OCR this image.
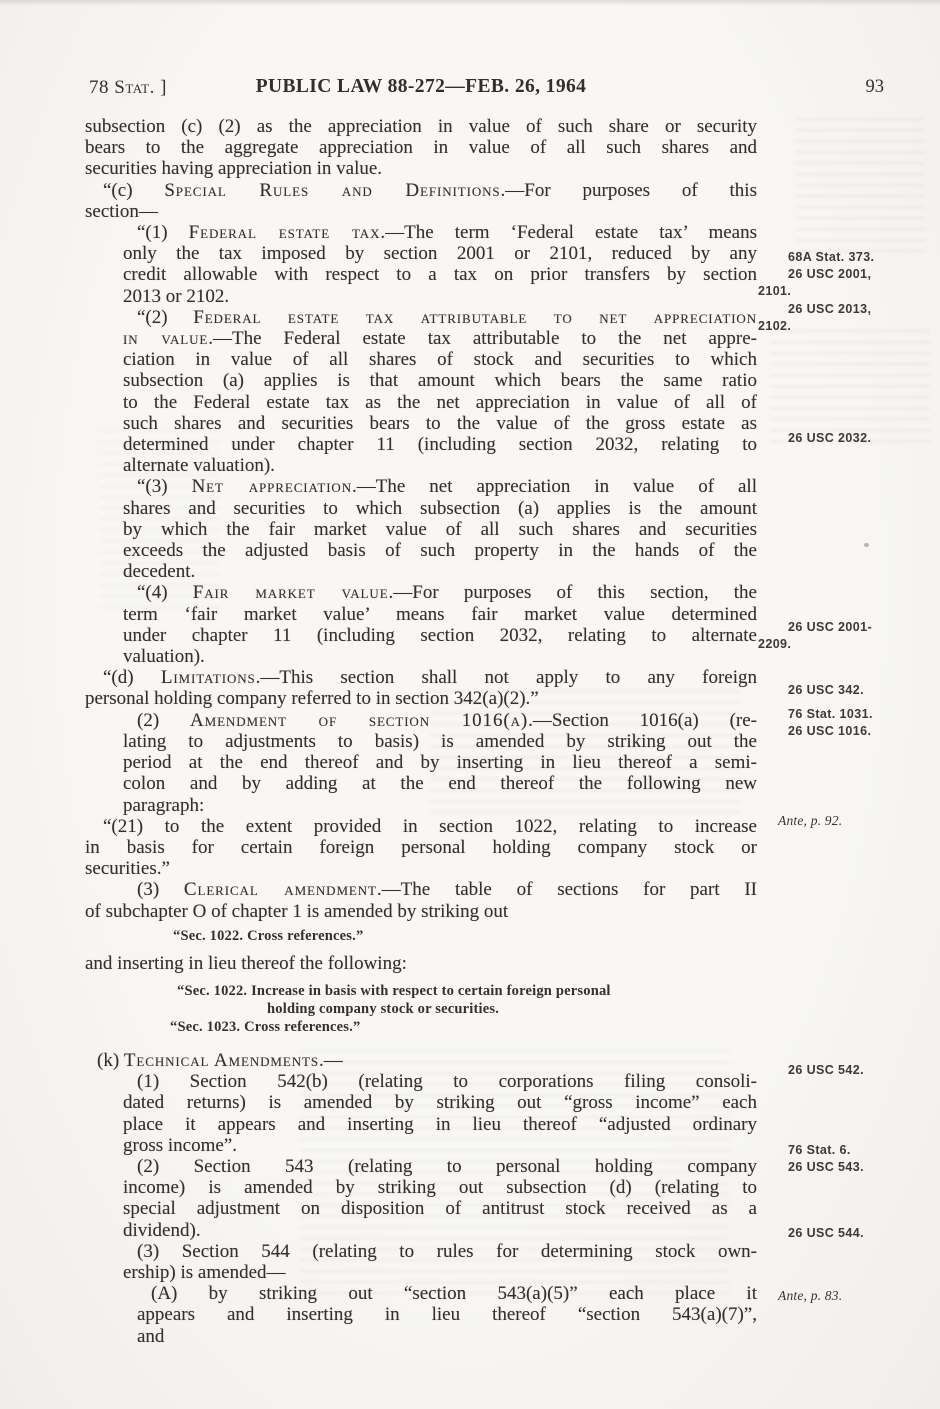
78 Stat. ]	PUBLIC LAW 88-272—FEB. 26, 1964	93
subsection (c) (2) as the appreciation in value of such share or security
bears to the aggregate appreciation in value of all such shares and
securities having appreciation in value.
“(c) Special Rules and Definitions.—For purposes of this
section—
“(1) Federal estate tax.—The term ‘Federal estate tax’ means
only the tax imposed by section 2001 or 2101, reduced by any
credit allowable with respect to a tax on prior transfers by section
2013 or 2102.
“(2) Federal estate tax attributable to net appreciation
in value.—The Federal estate tax attributable to the net appre-
ciation in value of all shares of stock and securities to which
subsection (a) applies is that amount which bears the same ratio
to the Federal estate tax as the net appreciation in value of all of
such shares and securities bears to the value of the gross estate as
determined under chapter 11 (including section 2032, relating to
alternate valuation).
“(3) Net appreciation.—The net appreciation in value of all
shares and securities to which subsection (a) applies is the amount
by which the fair market value of all such shares and securities
exceeds the adjusted basis of such property in the hands of the
decedent.
“(4) Fair market value.—For purposes of this section, the
term ‘fair market value’ means fair market value determined
under chapter 11 (including section 2032, relating to alternate
valuation).
“(d) Limitations.—This section shall not apply to any foreign
personal holding company referred to in section 342(a)(2).”
(2) Amendment of section 1016(a).—Section 1016(a) (re-
lating to adjustments to basis) is amended by striking out the
period at the end thereof and by inserting in lieu thereof a semi-
colon and by adding at the end thereof the following new
paragraph:
“(21) to the extent provided in section 1022, relating to increase
in basis for certain foreign personal holding company stock or
securities.”
(3) Clerical amendment.—The table of sections for part II
of subchapter O of chapter 1 is amended by striking out
“Sec. 1022. Cross references.”
and inserting in lieu thereof the following:
“Sec. 1022. Increase in basis with respect to certain foreign personal
holding company stock or securities.
“Sec. 1023. Cross references.”
(k) Technical Amendments.—
(1) Section 542(b) (relating to corporations filing consoli-
dated returns) is amended by striking out “gross income” each
place it appears and inserting in lieu thereof “adjusted ordinary
gross income”.
(2) Section 543 (relating to personal holding company
income) is amended by striking out subsection (d) (relating to
special adjustment on disposition of antitrust stock received as a
dividend).
(3) Section 544 (relating to rules for determining stock own-
ership) is amended—
(A) by striking out “section 543(a)(5)” each place it
appears and inserting in lieu thereof “section 543(a)(7)”,
and
68A Stat. 373.
26 USC 2001,
2101.
26 USC 2013,
2102.
26 USC 2032.
26 USC 2001-
2209.
26 USC 342.
76 Stat. 1031.
26 USC 1016.
Ante, p. 92.
26 USC 542.
76 Stat. 6.
26 USC 543.
26 USC 544.
Ante, p. 83.
